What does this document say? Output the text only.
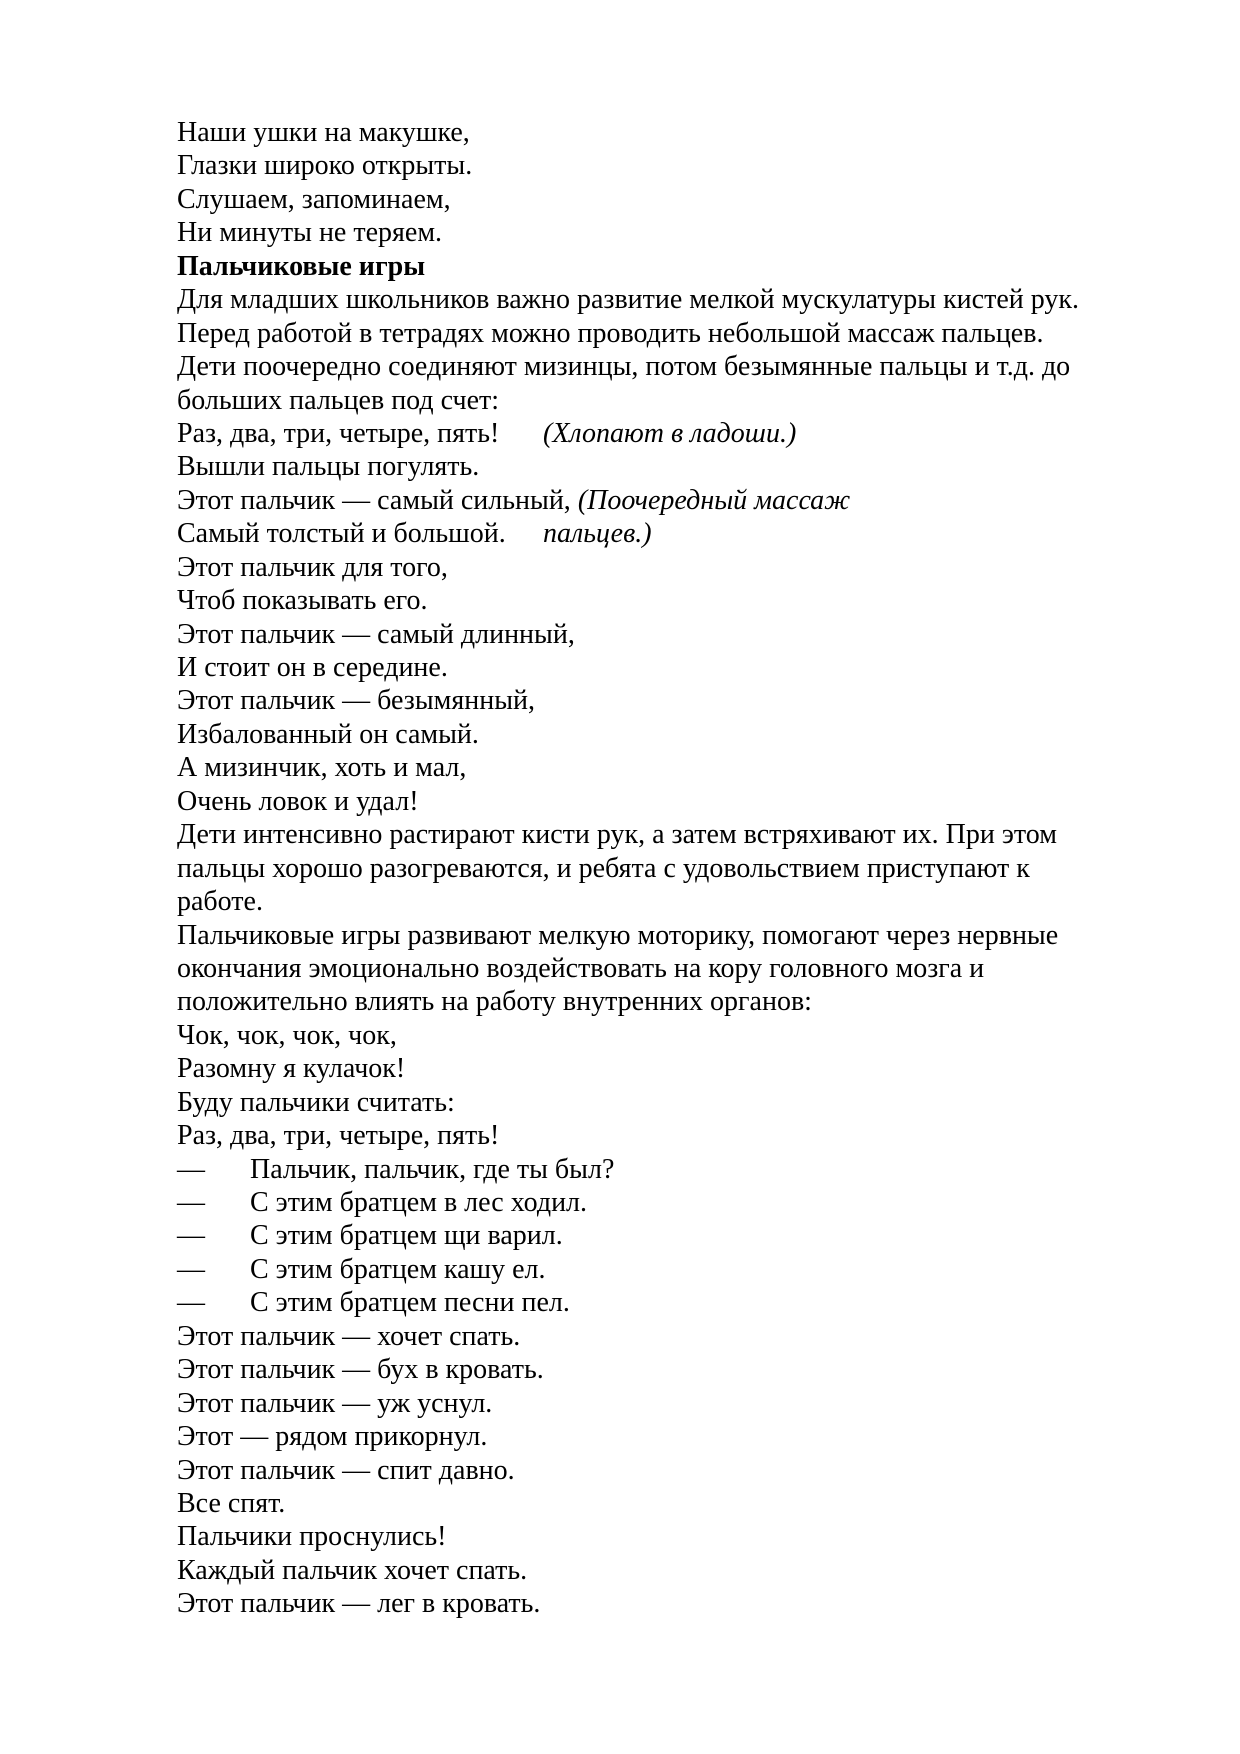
Наши ушки на макушке,
Глазки широко открыты.
Слушаем, запоминаем,
Ни минуты не теряем.
Пальчиковые игры
Для младших школьников важно развитие мелкой мускулатуры кистей рук.
Перед работой в тетрадях можно проводить небольшой массаж пальцев.
Дети поочередно соединяют мизинцы, потом безымянные пальцы и т.д. до
больших пальцев под счет:
Раз, два, три, четыре, пять! (Хлопают в ладоши.)
Вышли пальцы погулять.
Этот пальчик — самый сильный, (Поочередный массаж
Самый толстый и большой. пальцев.)
Этот пальчик для того,
Чтоб показывать его.
Этот пальчик — самый длинный,
И стоит он в середине.
Этот пальчик — безымянный,
Избалованный он самый.
А мизинчик, хоть и мал,
Очень ловок и удал!
Дети интенсивно растирают кисти рук, а затем встряхивают их. При этом
пальцы хорошо разогреваются, и ребята с удовольствием приступают к
работе.
Пальчиковые игры развивают мелкую моторику, помогают через нервные
окончания эмоционально воздействовать на кору головного мозга и
положительно влиять на работу внутренних органов:
Чок, чок, чок, чок,
Разомну я кулачок!
Буду пальчики считать:
Раз, два, три, четыре, пять!
— Пальчик, пальчик, где ты был?
— С этим братцем в лес ходил.
— С этим братцем щи варил.
— С этим братцем кашу ел.
— С этим братцем песни пел.
Этот пальчик — хочет спать.
Этот пальчик — бух в кровать.
Этот пальчик — уж уснул.
Этот — рядом прикорнул.
Этот пальчик — спит давно.
Все спят.
Пальчики проснулись!
Каждый пальчик хочет спать.
Этот пальчик — лег в кровать.
